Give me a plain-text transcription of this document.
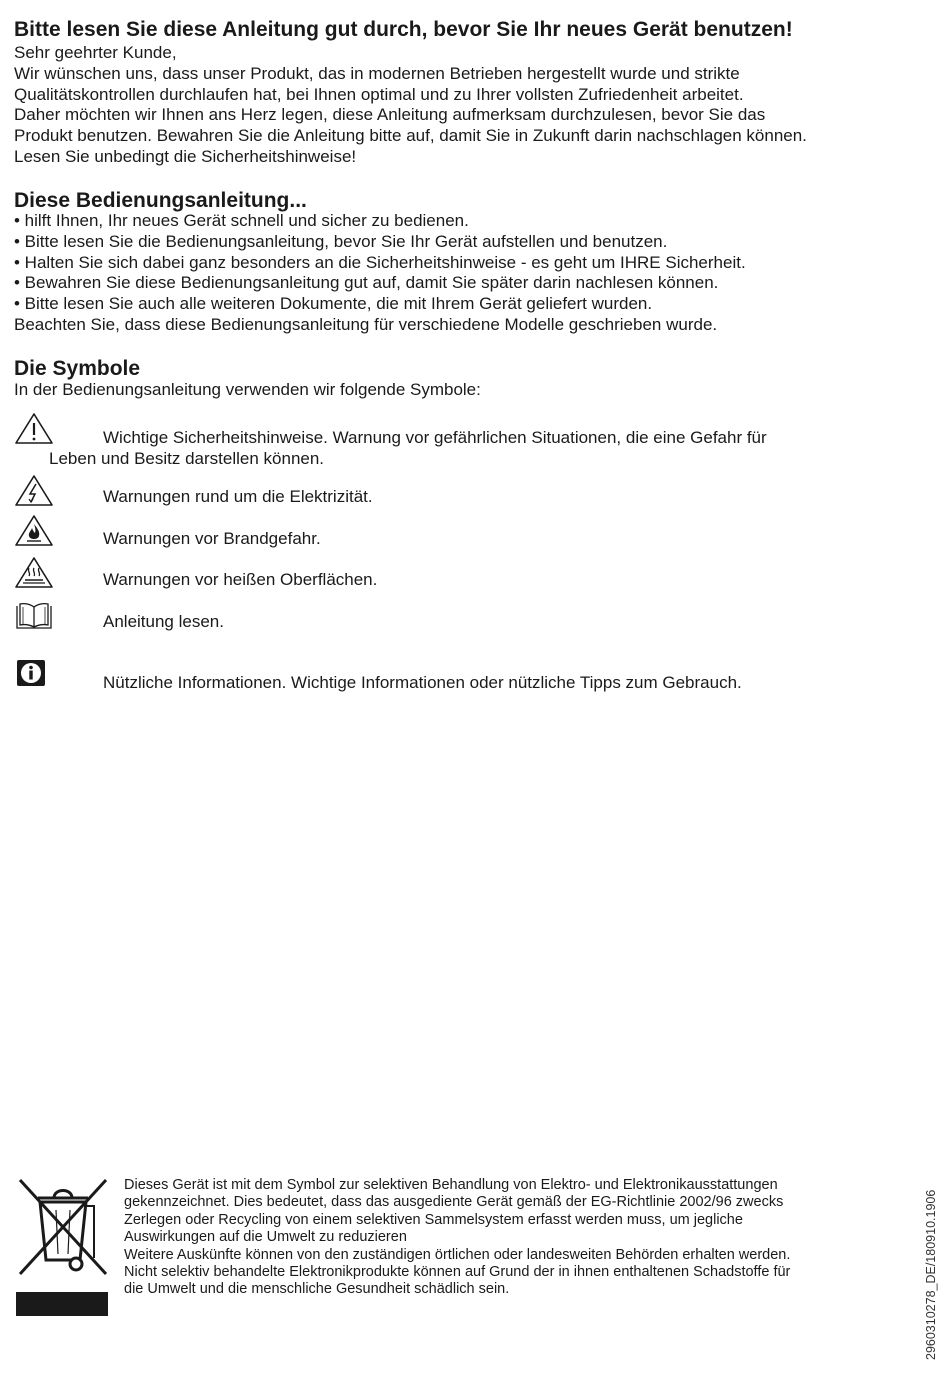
Bitte lesen Sie diese Anleitung gut durch, bevor Sie Ihr neues Gerät benutzen!
Sehr geehrter Kunde,
Wir wünschen uns, dass unser Produkt, das in modernen Betrieben hergestellt wurde und strikte
Qualitätskontrollen durchlaufen hat, bei Ihnen optimal und zu Ihrer vollsten Zufriedenheit arbeitet.
Daher möchten wir Ihnen ans Herz legen, diese Anleitung aufmerksam durchzulesen, bevor Sie das
Produkt benutzen. Bewahren Sie die Anleitung bitte auf, damit Sie in Zukunft darin nachschlagen können.
Lesen Sie unbedingt die Sicherheitshinweise!
Diese Bedienungsanleitung...
• hilft Ihnen, Ihr neues Gerät schnell und sicher zu bedienen.
• Bitte lesen Sie die Bedienungsanleitung, bevor Sie Ihr Gerät aufstellen und benutzen.
• Halten Sie sich dabei ganz besonders an die Sicherheitshinweise - es geht um IHRE Sicherheit.
• Bewahren Sie diese Bedienungsanleitung gut auf, damit Sie später darin nachlesen können.
• Bitte lesen Sie auch alle weiteren Dokumente, die mit Ihrem Gerät geliefert wurden.
Beachten Sie, dass diese Bedienungsanleitung für verschiedene Modelle geschrieben wurde.
Die Symbole
In der Bedienungsanleitung verwenden wir folgende Symbole:
Wichtige Sicherheitshinweise. Warnung vor gefährlichen Situationen, die eine Gefahr für
Leben und Besitz darstellen können.
Warnungen rund um die Elektrizität.
Warnungen vor Brandgefahr.
Warnungen vor heißen Oberflächen.
Anleitung lesen.
Nützliche Informationen. Wichtige Informationen oder nützliche Tipps zum Gebrauch.
Dieses Gerät ist mit dem Symbol zur selektiven Behandlung von Elektro- und Elektronikausstattungen
gekennzeichnet. Dies bedeutet, dass das ausgediente Gerät gemäß der EG-Richtlinie 2002/96 zwecks
Zerlegen oder Recycling von einem selektiven Sammelsystem erfasst werden muss, um jegliche
Auswirkungen auf die Umwelt zu reduzieren
Weitere Auskünfte können von den zuständigen örtlichen oder landesweiten Behörden erhalten werden.
Nicht selektiv behandelte Elektronikprodukte können auf Grund der in ihnen enthaltenen Schadstoffe für
die Umwelt und die menschliche Gesundheit schädlich sein.	2960310278_DE/180910.1906
